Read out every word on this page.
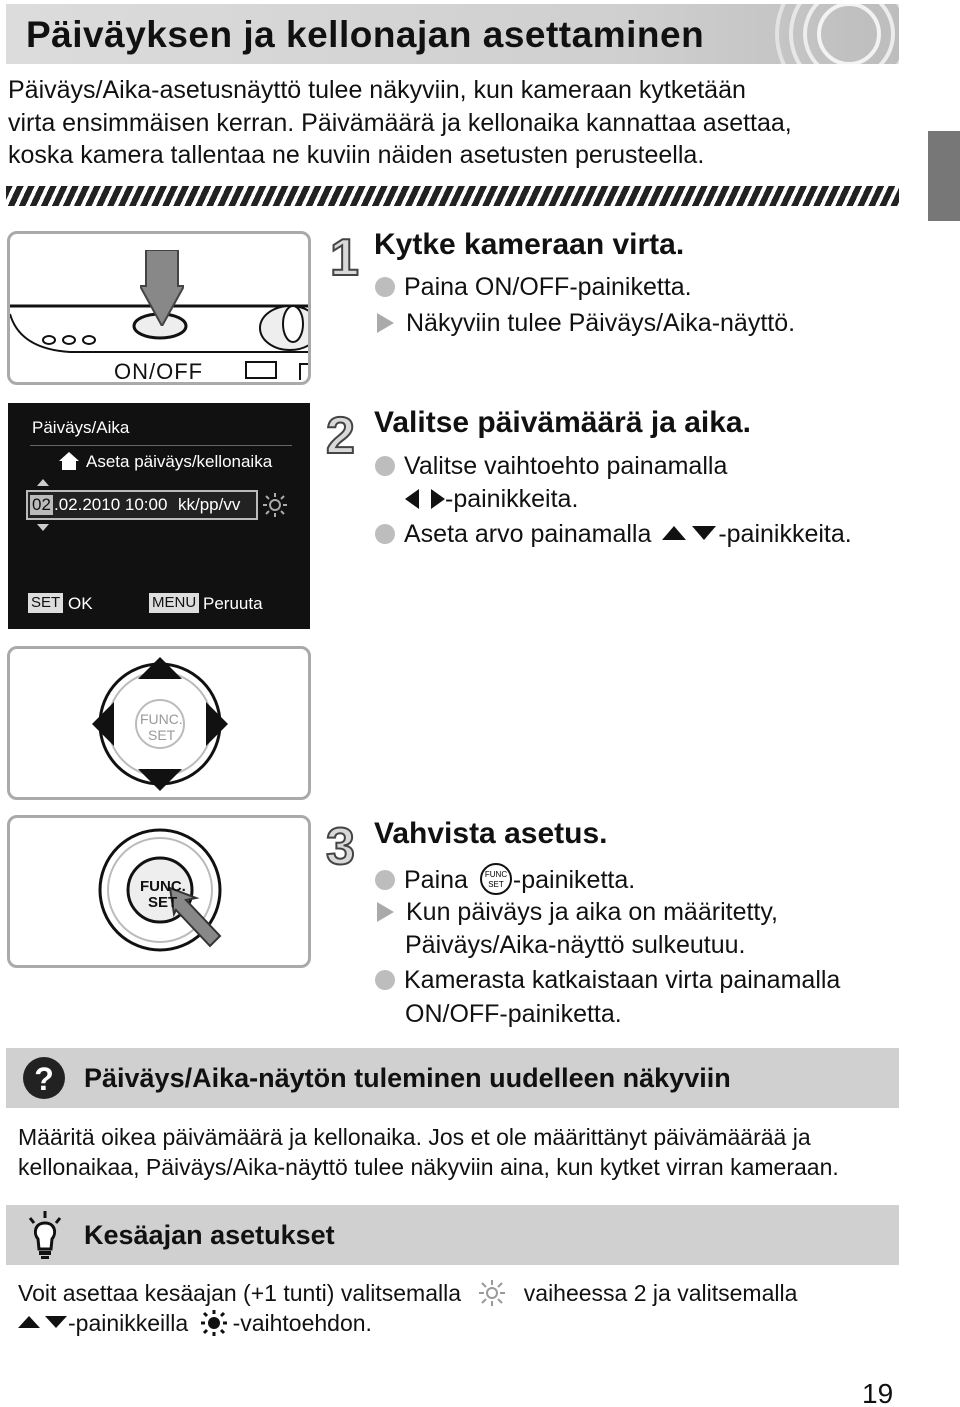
Päiväyksen ja kellonajan asettaminen
Päiväys/Aika-asetusnäyttö tulee näkyviin, kun kameraan kytketään
virta ensimmäisen kerran. Päivämäärä ja kellonaika kannattaa asettaa,
koska kamera tallentaa ne kuviin näiden asetusten perusteella.
ON/OFF
1 Kytke kameraan virta.
Paina ON/OFF-painiketta.
Näkyviin tulee Päiväys/Aika-näyttö.
Päiväys/Aika
Aseta päiväys/kellonaika
02 .02.2010 10:00 kk/pp/vv
SET OK	MENU Peruuta
2 Valitse päivämäärä ja aika.
Valitse vaihtoehto painamalla
-painikkeita.
Aseta arvo painamalla	-painikkeita.
FUNC.
SET
FUNC.
SET
3 Vahvista asetus.
Paina FUNC
SET -painiketta.
Kun päiväys ja aika on määritetty,
Päiväys/Aika-näyttö sulkeutuu.
Kamerasta katkaistaan virta painamalla
ON/OFF-painiketta.
? Päiväys/Aika-näytön tuleminen uudelleen näkyviin
Määritä oikea päivämäärä ja kellonaika. Jos et ole määrittänyt päivämäärää ja
kellonaikaa, Päiväys/Aika-näyttö tulee näkyviin aina, kun kytket virran kameraan.
Kesäajan asetukset
Voit asettaa kesäajan (+1 tunti) valitsemalla	vaiheessa 2 ja valitsemalla
-painikkeilla -vaihtoehdon.
19
